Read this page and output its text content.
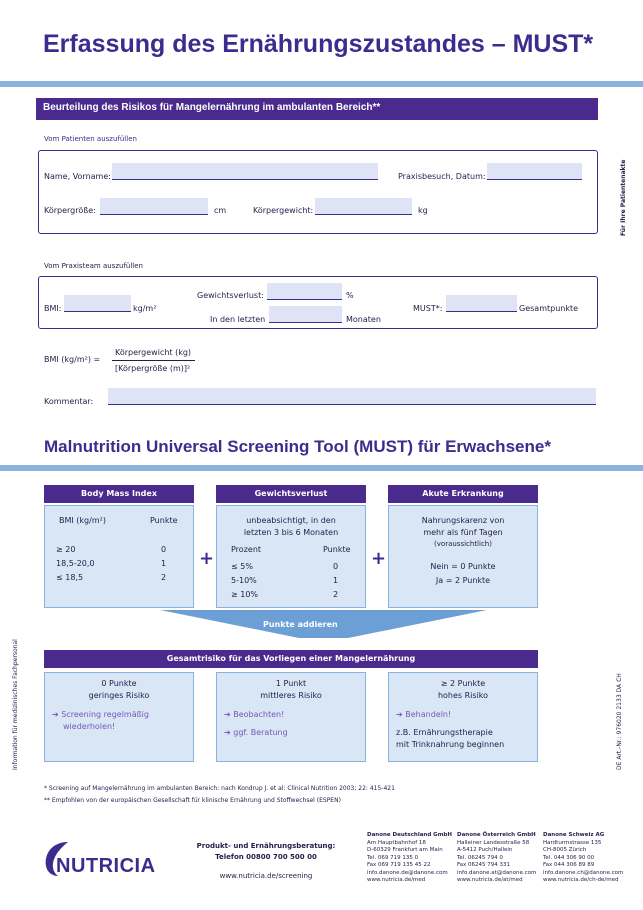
Erfassung des Ernährungszustandes – MUST*
Beurteilung des Risikos für Mangelernährung im ambulanten Bereich**
Vom Patienten auszufüllen
Name, Vorname:	Praxisbesuch, Datum:
Körpergröße:	cm	Körpergewicht:	kg
Vom Praxisteam auszufüllen
BMI:	kg/m²
Gewichtsverlust:	%
In den letzten	Monaten
MUST*:	Gesamtpunkte
BMI (kg/m²) =
Körpergewicht (kg)
[Körpergröße (m)]²
Kommentar:
Für Ihre Patientenakte
Malnutrition Universal Screening Tool (MUST) für Erwachsene*
Body Mass Index
BMI (kg/m²)	Punkte
≥ 20	0
18,5-20,0	1
≤ 18,5	2
+
Gewichtsverlust
unbeabsichtigt, in den
letzten 3 bis 6 Monaten
Prozent	Punkte
≤ 5%	0
5-10%	1
≥ 10%	2
+
Akute Erkrankung
Nahrungskarenz von
mehr als fünf Tagen
(voraussichtlich)
Nein = 0 Punkte
Ja = 2 Punkte
Punkte addieren
Gesamtrisiko für das Vorliegen einer Mangelernährung
0 Punkte
geringes Risiko
➔ Screening regelmäßig
wiederholen!
1 Punkt
mittleres Risiko
➔ Beobachten!
➔ ggf. Beratung
≥ 2 Punkte
hohes Risiko
➔ Behandeln!
z.B. Ernährungstherapie
mit Trinknahrung beginnen
Information für medizinisches Fachpersonal	DE Art.-Nr.: 976020 2133 DA CH
* Screening auf Mangelernährung im ambulanten Bereich: nach Kondrup J. et al: Clinical Nutrition 2003; 22: 415-421
** Empfohlen von der europäischen Gesellschaft für klinische Ernährung und Stoffwechsel (ESPEN)
NUTRICIA
Produkt- und Ernährungsberatung:
Telefon 00800 700 500 00
www.nutricia.de/screening
Danone Deutschland GmbH
Am Hauptbahnhof 18
D-60329 Frankfurt am Main
Tel. 069 719 135 0
Fax 069 719 135 45 22
info.danone.de@danone.com
www.nutricia.de/med
Danone Österreich GmbH
Halleiner Landesstraße 58
A-5412 Puch/Hallein
Tel. 06245 794 0
Fax 06245 794 331
info.danone.at@danone.com
www.nutricia.de/at/med
Danone Schweiz AG
Hardturmstrasse 135
CH-8005 Zürich
Tel. 044 306 90 00
Fax 044 306 89 89
info.danone.ch@danone.com
www.nutricia.de/ch-de/med
